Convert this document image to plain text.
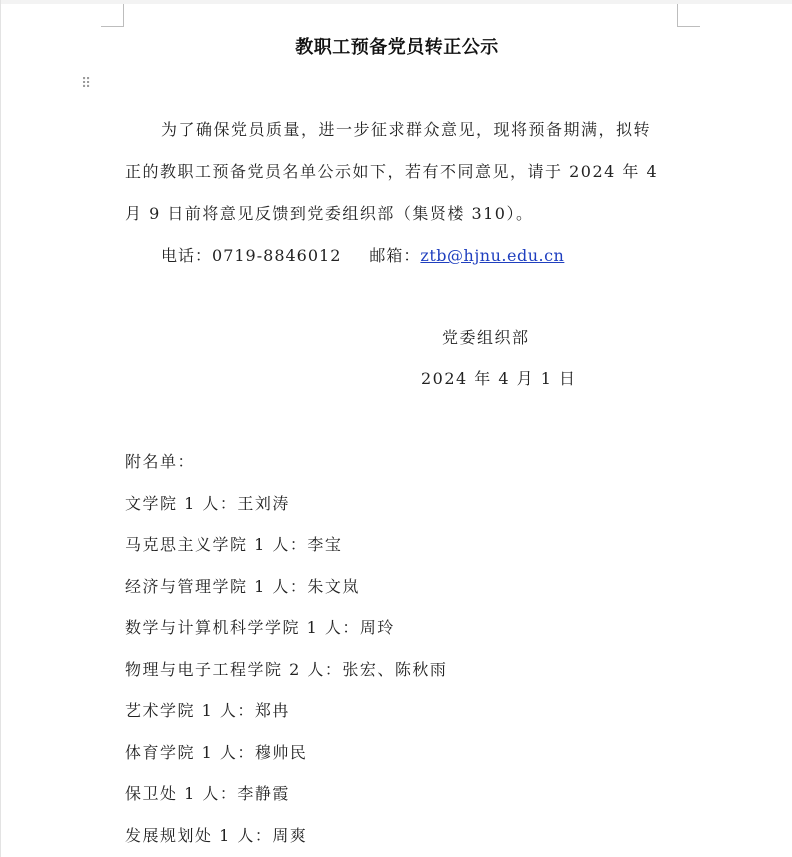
⠿
教职工预备党员转正公示
为了确保党员质量，进一步征求群众意见，现将预备期满，拟转
正的教职工预备党员名单公示如下，若有不同意见，请于 2024 年 4
月 9 日前将意见反馈到党委组织部（集贤楼 310）。
电话：0719-8846012 邮箱：ztb@hjnu.edu.cn
党委组织部
2024 年 4 月 1 日
附名单：
文学院 1 人：王刘涛
马克思主义学院 1 人：李宝
经济与管理学院 1 人：朱文岚
数学与计算机科学学院 1 人：周玲
物理与电子工程学院 2 人：张宏、陈秋雨
艺术学院 1 人：郑冉
体育学院 1 人：穆帅民
保卫处 1 人：李静霞
发展规划处 1 人：周爽
